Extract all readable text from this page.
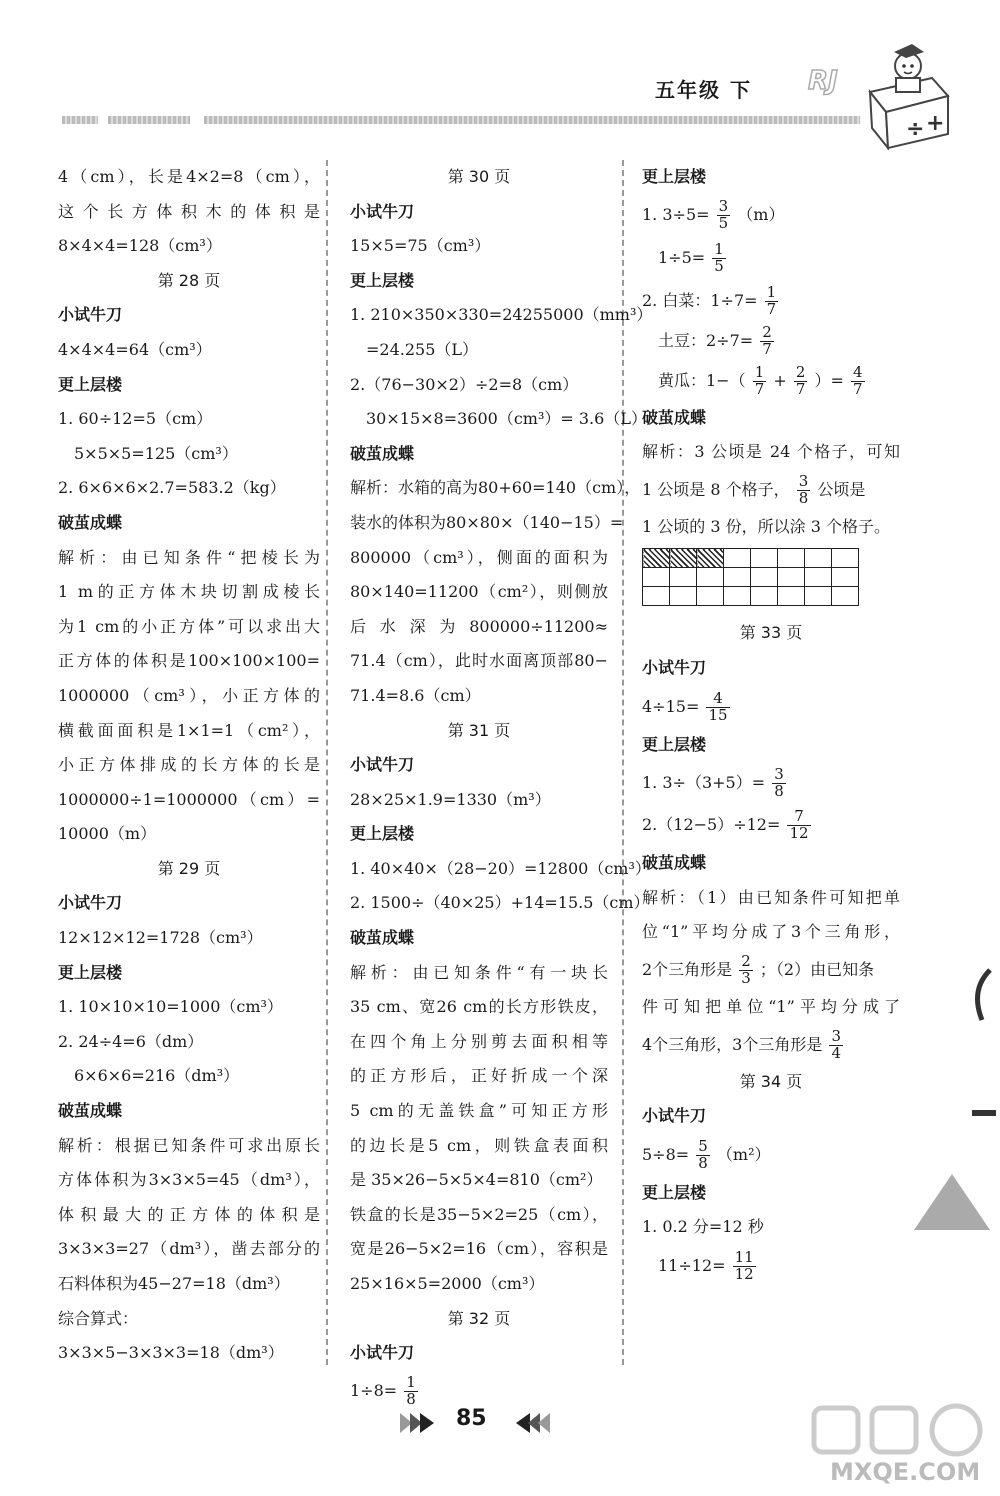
五年级 下 RJ
÷ +
4（cm），长是4×2=8（cm），
这个长方体积木的体积是
8×4×4=128（cm³）
第 28 页
小试牛刀
4×4×4=64（cm³）
更上层楼
1. 60÷12=5（cm）
5×5×5=125（cm³）
2. 6×6×6×2.7=583.2（kg）
破茧成蝶
解析：由已知条件“把棱长为
1 m的正方体木块切割成棱长
为1 cm的小正方体”可以求出大
正方体的体积是100×100×100=
1000000（cm³），小正方体的
横截面面积是1×1=1（cm²），
小正方体排成的长方体的长是
1000000÷1=1000000（cm）=
10000（m）
第 29 页
小试牛刀
12×12×12=1728（cm³）
更上层楼
1. 10×10×10=1000（cm³）
2. 24÷4=6（dm）
6×6×6=216（dm³）
破茧成蝶
解析：根据已知条件可求出原长
方体体积为3×3×5=45（dm³），
体积最大的正方体的体积是
3×3×3=27（dm³），凿去部分的
石料体积为45−27=18（dm³）
综合算式：
3×3×5−3×3×3=18（dm³）
第 30 页
小试牛刀
15×5=75（cm³）
更上层楼
1. 210×350×330=24255000（mm³）
=24.255（L）
2.（76−30×2）÷2=8（cm）
30×15×8=3600（cm³）= 3.6（L）
破茧成蝶
解析：水箱的高为80+60=140（cm），
装水的体积为80×80×（140−15）=
800000（cm³），侧面的面积为
80×140=11200（cm²），则侧放
后水深为800000÷11200≈
71.4（cm），此时水面离顶部80−
71.4=8.6（cm）
第 31 页
小试牛刀
28×25×1.9=1330（m³）
更上层楼
1. 40×40×（28−20）=12800（cm³）
2. 1500÷（40×25）+14=15.5（cm）
破茧成蝶
解析：由已知条件“有一块长
35 cm、宽26 cm的长方形铁皮，
在四个角上分别剪去面积相等
的正方形后，正好折成一个深
5 cm的无盖铁盒”可知正方形
的边长是5 cm，则铁盒表面积
是 35×26−5×5×4=810（cm²）
铁盒的长是35−5×2=25（cm），
宽是26−5×2=16（cm），容积是
25×16×5=2000（cm³）
第 32 页
小试牛刀
$1\div 8= \frac{1}{8}$
更上层楼
1. $3\div 5= \frac{3}{5} (m)$
$1\div 5= \frac{1}{5}$
2. 白菜：$1\div 7= \frac{1}{7}$
土豆：$2\div 7= \frac{2}{7}$
黄瓜：$1-( \frac{1}{7} + \frac{2}{7}$ ）= $\frac{4}{7}$
破茧成蝶
解析：3 公顷是 24 个格子，可知
1 公顷是 8 个格子， $\frac{3}{8}$ 公顷是
1 公顷的 3 份，所以涂 3 个格子。

第 33 页
小试牛刀
$4\div 15= \frac{4}{15}$
更上层楼
1. $3\div(3+5)= \frac{3}{8}$
$2.(12-5)\div 12= \frac{7}{12}$
破茧成蝶
解析：（1）由已知条件可知把单
位“1”平均分成了3个三角形，
2个三角形是 $\frac{2}{3}$ ；（2）由已知条
件可知把单位“1”平均分成了
4个三角形，3个三角形是 $\frac{3}{4}$
第 34 页
小试牛刀
$5\div 8= \frac{5}{8} (m^2)$
更上层楼
1. 0.2 分=12 秒
$11\div 12= \frac{11}{12}$
85
MXQE.COM
